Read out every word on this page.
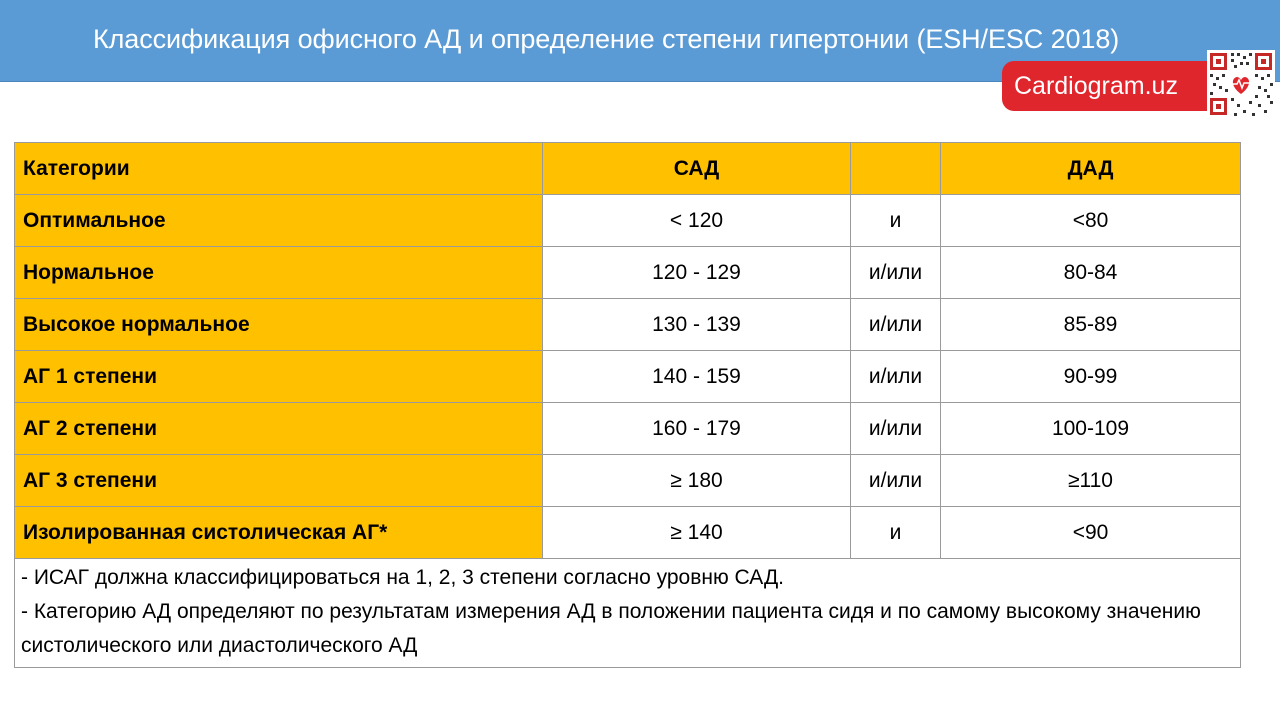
Классификация офисного АД и определение степени гипертонии (ESH/ESC 2018)
Cardiogram.uz
Категории	САД		ДАД
Оптимальное	< 120	и	<80
Нормальное	120 - 129	и/или	80-84
Высокое нормальное	130 - 139	и/или	85-89
АГ 1 степени	140 - 159	и/или	90-99
АГ 2 степени	160 - 179	и/или	100-109
АГ 3 степени	≥ 180	и/или	≥110
Изолированная систолическая АГ*	≥ 140	и	<90

- ИСАГ должна классифицироваться на 1, 2, 3 степени согласно уровню САД.
- Категорию АД определяют по результатам измерения АД в положении пациента сидя и по самому высокому значению систолического или диастолического АД			
